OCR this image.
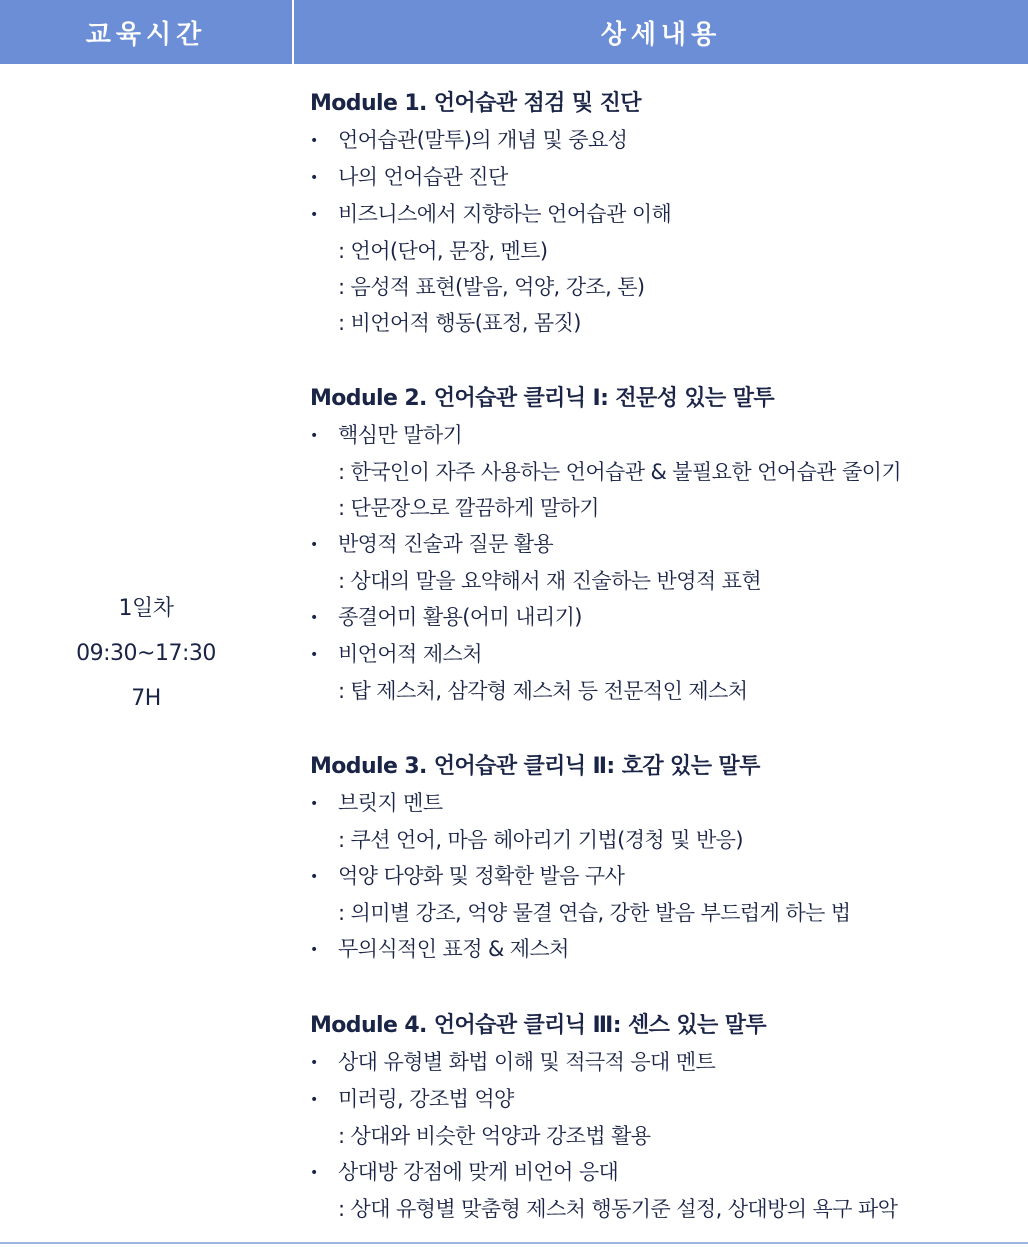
교육시간	상세내용
1일차
09:30~17:30
7H
Module 1. 언어습관 점검 및 진단
• 언어습관(말투)의 개념 및 중요성
• 나의 언어습관 진단
• 비즈니스에서 지향하는 언어습관 이해
: 언어(단어, 문장, 멘트)
: 음성적 표현(발음, 억양, 강조, 톤)
: 비언어적 행동(표정, 몸짓)
Module 2. 언어습관 클리닉 Ⅰ: 전문성 있는 말투
• 핵심만 말하기
: 한국인이 자주 사용하는 언어습관 & 불필요한 언어습관 줄이기
: 단문장으로 깔끔하게 말하기
• 반영적 진술과 질문 활용
: 상대의 말을 요약해서 재 진술하는 반영적 표현
• 종결어미 활용(어미 내리기)
• 비언어적 제스처
: 탑 제스처, 삼각형 제스처 등 전문적인 제스처
Module 3. 언어습관 클리닉 Ⅱ: 호감 있는 말투
• 브릿지 멘트
: 쿠션 언어, 마음 헤아리기 기법(경청 및 반응)
• 억양 다양화 및 정확한 발음 구사
: 의미별 강조, 억양 물결 연습, 강한 발음 부드럽게 하는 법
• 무의식적인 표정 & 제스처
Module 4. 언어습관 클리닉 Ⅲ: 센스 있는 말투
• 상대 유형별 화법 이해 및 적극적 응대 멘트
• 미러링, 강조법 억양
: 상대와 비슷한 억양과 강조법 활용
• 상대방 강점에 맞게 비언어 응대
: 상대 유형별 맞춤형 제스처 행동기준 설정, 상대방의 욕구 파악
